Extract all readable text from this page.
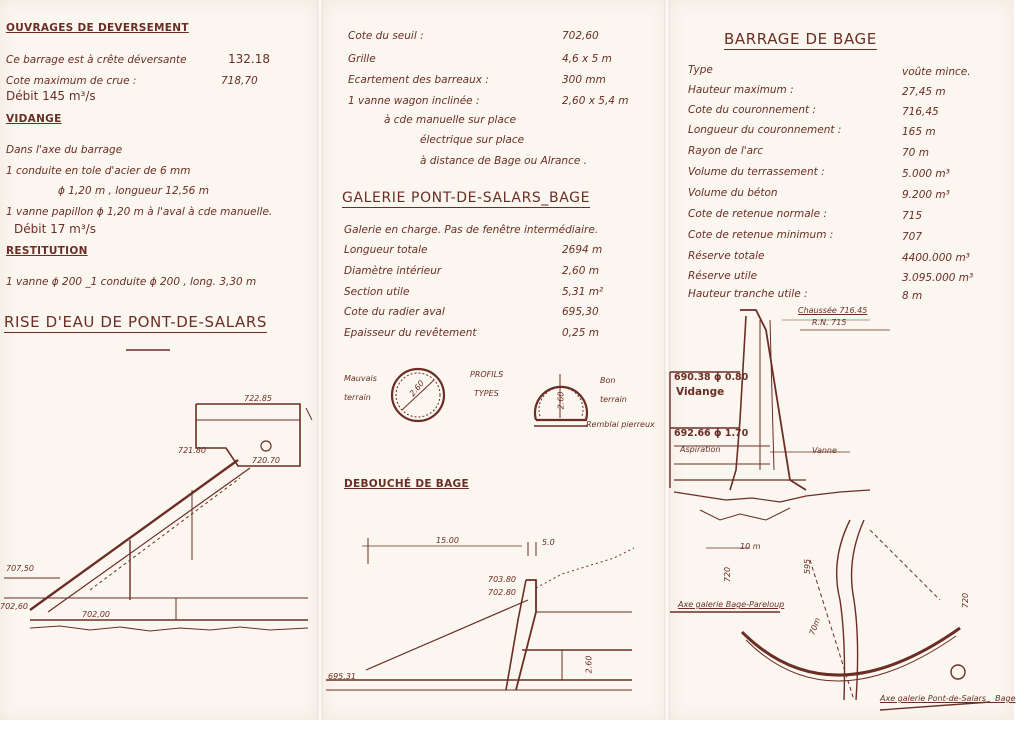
OUVRAGES DE DEVERSEMENT
Ce barrage est à crête déversante	132.18
Cote maximum de crue :	718,70
Débit 145 m³/s
VIDANGE
Dans l'axe du barrage
1 conduite en tole d'acier de 6 mm
ϕ 1,20 m , longueur 12,56 m
1 vanne papillon ϕ 1,20 m à l'aval à cde manuelle.
Débit 17 m³/s
RESTITUTION
1 vanne ϕ 200 _1 conduite ϕ 200 , long. 3,30 m
RISE D'EAU DE PONT-DE-SALARS
722.85
721.80
720.70
707,50
702,60
702,00
Cote du seuil :	702,60
Grille	4,6 x 5 m
Ecartement des barreaux :	300 mm
1 vanne wagon inclinée :	2,60 x 5,4 m
à cde manuelle sur place
électrique sur place
à distance de Bage ou Alrance .
GALERIE PONT-DE-SALARS_BAGE
Galerie en charge. Pas de fenêtre intermédiaire.
Longueur totale	2694 m
Diamètre intérieur	2,60 m
Section utile	5,31 m²
Cote du radier aval	695,30
Epaisseur du revêtement	0,25 m
Mauvais terrain
PROFILS
TYPES
Bon terrain
Remblai pierreux
2.60
2.60
DEBOUCHÉ DE BAGE
15.00	5.0
703.80
702.80
2.60
695.31
BARRAGE DE BAGE
Type	voûte mince.
Hauteur maximum :	27,45 m
Cote du couronnement :	716,45
Longueur du couronnement :	165 m
Rayon de l'arc	70 m
Volume du terrassement :	5.000 m³
Volume du béton	9.200 m³
Cote de retenue normale :	715
Cote de retenue minimum :	707
Réserve totale	4400.000 m³
Réserve utile	3.095.000 m³
Hauteur tranche utile :	8 m
Chaussée 716.45
R.N. 715
690.38 ϕ 0.80
Vidange
692.66 ϕ 1.70
Aspiration	Vanne
10 m
Axe galerie Bage-Pareloup
Axe galerie Pont-de-Salars _ Bage
720
595
70m
720
